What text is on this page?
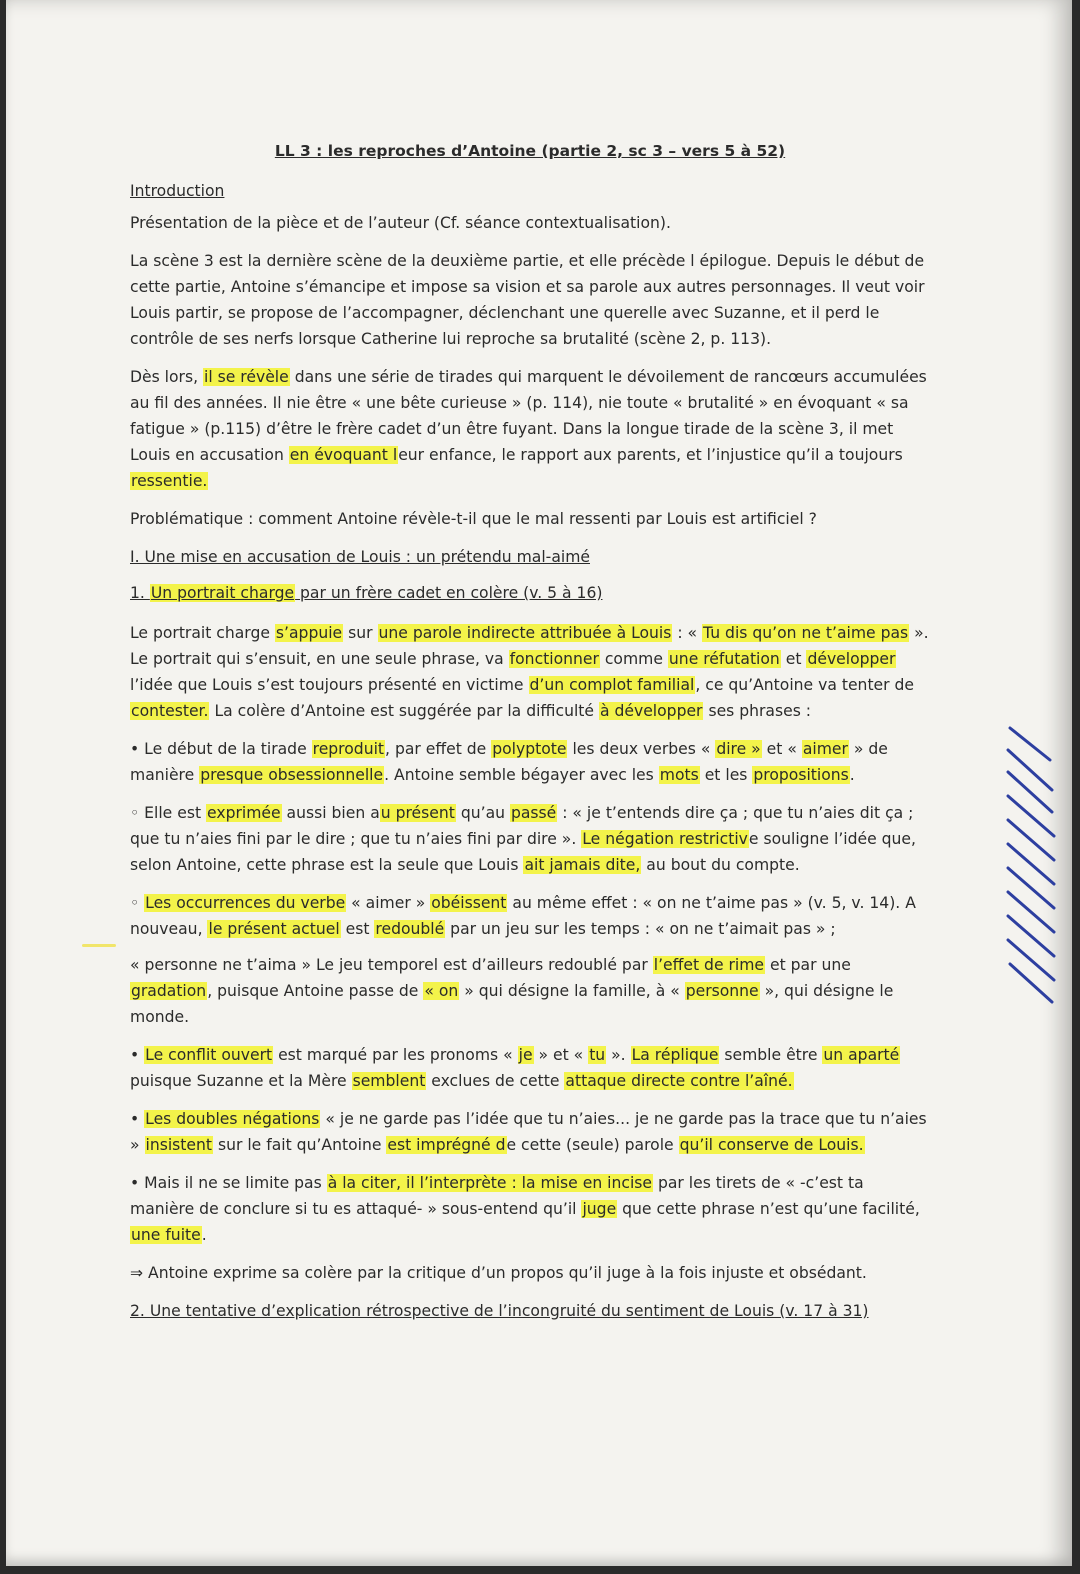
LL 3 : les reproches d’Antoine (partie 2, sc 3 – vers 5 à 52)
Introduction

Présentation de la pièce et de l’auteur (Cf. séance contextualisation).

La scène 3 est la dernière scène de la deuxième partie, et elle précède l épilogue. Depuis le début de cette partie, Antoine s’émancipe et impose sa vision et sa parole aux autres personnages. Il veut voir Louis partir, se propose de l’accompagner, déclenchant une querelle avec Suzanne, et il perd le contrôle de ses nerfs lorsque Catherine lui reproche sa brutalité (scène 2, p. 113).

Dès lors, il se révèle dans une série de tirades qui marquent le dévoilement de rancœurs accumulées au fil des années. Il nie être « une bête curieuse » (p. 114), nie toute « brutalité » en évoquant « sa fatigue » (p.115) d’être le frère cadet d’un être fuyant. Dans la longue tirade de la scène 3, il met Louis en accusation en évoquant leur enfance, le rapport aux parents, et l’injustice qu’il a toujours ressentie.

Problématique : comment Antoine révèle-t-il que le mal ressenti par Louis est artificiel ?

I. Une mise en accusation de Louis : un prétendu mal-aimé
1. Un portrait charge par un frère cadet en colère (v. 5 à 16)

Le portrait charge s’appuie sur une parole indirecte attribuée à Louis : « Tu dis qu’on ne t’aime pas ». Le portrait qui s’ensuit, en une seule phrase, va fonctionner comme une réfutation et développer l’idée que Louis s’est toujours présenté en victime d’un complot familial, ce qu’Antoine va tenter de contester. La colère d’Antoine est suggérée par la difficulté à développer ses phrases :

• Le début de la tirade reproduit, par effet de polyptote les deux verbes « dire » et « aimer » de manière presque obsessionnelle. Antoine semble bégayer avec les mots et les propositions.

◦ Elle est exprimée aussi bien au présent qu’au passé : « je t’entends dire ça ; que tu n’aies dit ça ; que tu n’aies fini par le dire ; que tu n’aies fini par dire ». Le négation restrictive souligne l’idée que, selon Antoine, cette phrase est la seule que Louis ait jamais dite, au bout du compte.

◦ Les occurrences du verbe « aimer » obéissent au même effet : « on ne t’aime pas » (v. 5, v. 14). A nouveau, le présent actuel est redoublé par un jeu sur les temps : « on ne t’aimait pas » ;

« personne ne t’aima » Le jeu temporel est d’ailleurs redoublé par l’effet de rime et par une gradation, puisque Antoine passe de « on » qui désigne la famille, à « personne », qui désigne le monde.

• Le conflit ouvert est marqué par les pronoms « je » et « tu ». La réplique semble être un aparté puisque Suzanne et la Mère semblent exclues de cette attaque directe contre l’aîné.

• Les doubles négations « je ne garde pas l’idée que tu n’aies... je ne garde pas la trace que tu n’aies » insistent sur le fait qu’Antoine est imprégné de cette (seule) parole qu’il conserve de Louis.

• Mais il ne se limite pas à la citer, il l’interprète : la mise en incise par les tirets de « -c’est ta manière de conclure si tu es attaqué- » sous-entend qu’il juge que cette phrase n’est qu’une facilité, une fuite.

⇒ Antoine exprime sa colère par la critique d’un propos qu’il juge à la fois injuste et obsédant.

2. Une tentative d’explication rétrospective de l’incongruité du sentiment de Louis (v. 17 à 31)
